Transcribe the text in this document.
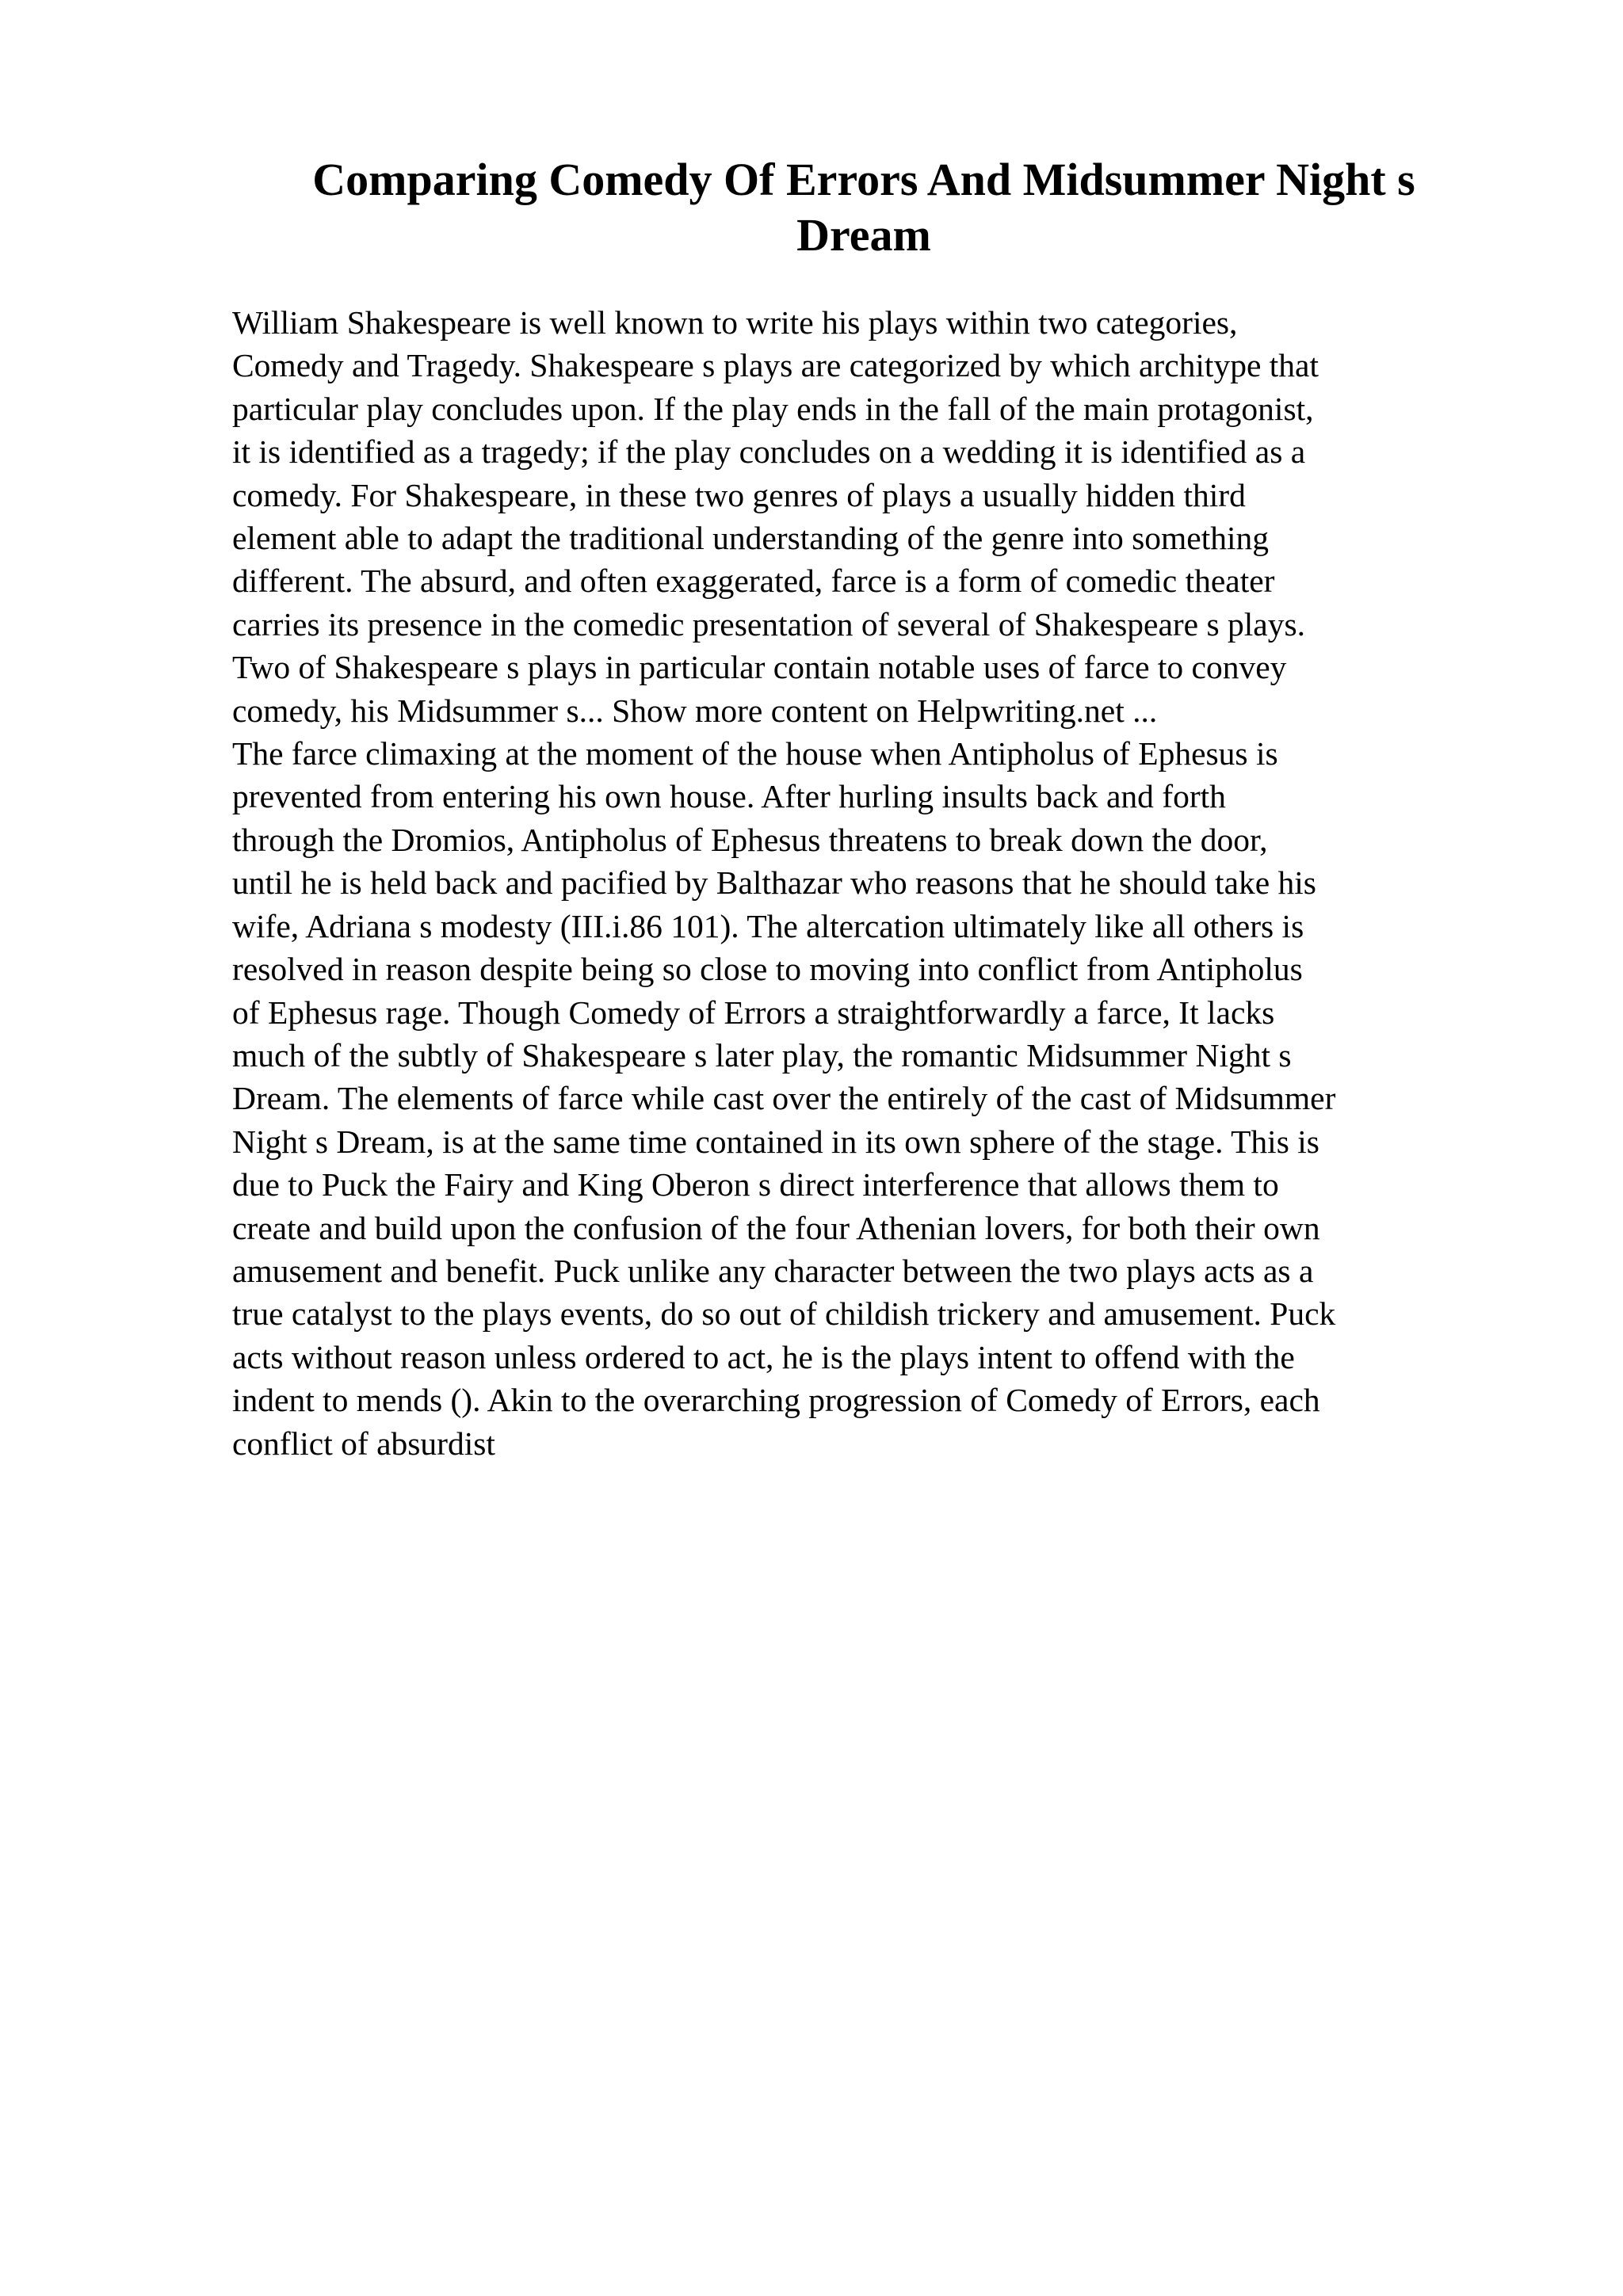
Comparing Comedy Of Errors And Midsummer Night s
Dream
William Shakespeare is well known to write his plays within two categories,
Comedy and Tragedy. Shakespeare s plays are categorized by which architype that
particular play concludes upon. If the play ends in the fall of the main protagonist,
it is identified as a tragedy; if the play concludes on a wedding it is identified as a
comedy. For Shakespeare, in these two genres of plays a usually hidden third
element able to adapt the traditional understanding of the genre into something
different. The absurd, and often exaggerated, farce is a form of comedic theater
carries its presence in the comedic presentation of several of Shakespeare s plays.
Two of Shakespeare s plays in particular contain notable uses of farce to convey
comedy, his Midsummer s... Show more content on Helpwriting.net ...
The farce climaxing at the moment of the house when Antipholus of Ephesus is
prevented from entering his own house. After hurling insults back and forth
through the Dromios, Antipholus of Ephesus threatens to break down the door,
until he is held back and pacified by Balthazar who reasons that he should take his
wife, Adriana s modesty (III.i.86 101). The altercation ultimately like all others is
resolved in reason despite being so close to moving into conflict from Antipholus
of Ephesus rage. Though Comedy of Errors a straightforwardly a farce, It lacks
much of the subtly of Shakespeare s later play, the romantic Midsummer Night s
Dream. The elements of farce while cast over the entirely of the cast of Midsummer
Night s Dream, is at the same time contained in its own sphere of the stage. This is
due to Puck the Fairy and King Oberon s direct interference that allows them to
create and build upon the confusion of the four Athenian lovers, for both their own
amusement and benefit. Puck unlike any character between the two plays acts as a
true catalyst to the plays events, do so out of childish trickery and amusement. Puck
acts without reason unless ordered to act, he is the plays intent to offend with the
indent to mends (). Akin to the overarching progression of Comedy of Errors, each
conflict of absurdist
